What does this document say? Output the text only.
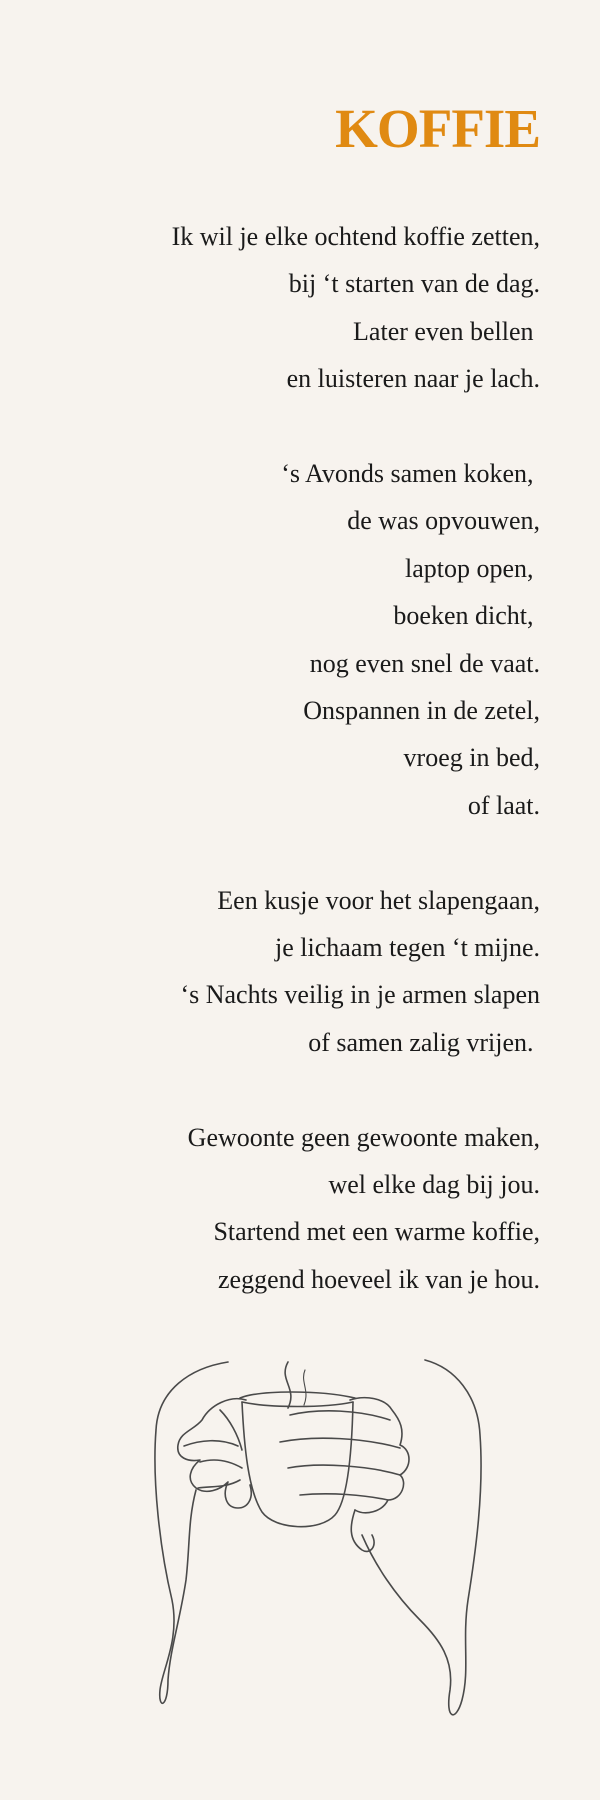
KOFFIE

Ik wil je elke ochtend koffie zetten,
bij ‘t starten van de dag.
Later even bellen
en luisteren naar je lach.

‘s Avonds samen koken,
de was opvouwen,
laptop open,
boeken dicht,
nog even snel de vaat.
Onspannen in de zetel,
vroeg in bed,
of laat.

Een kusje voor het slapengaan,
je lichaam tegen ‘t mijne.
‘s Nachts veilig in je armen slapen
of samen zalig vrijen.

Gewoonte geen gewoonte maken,
wel elke dag bij jou.
Startend met een warme koffie,
zeggend hoeveel ik van je hou.
